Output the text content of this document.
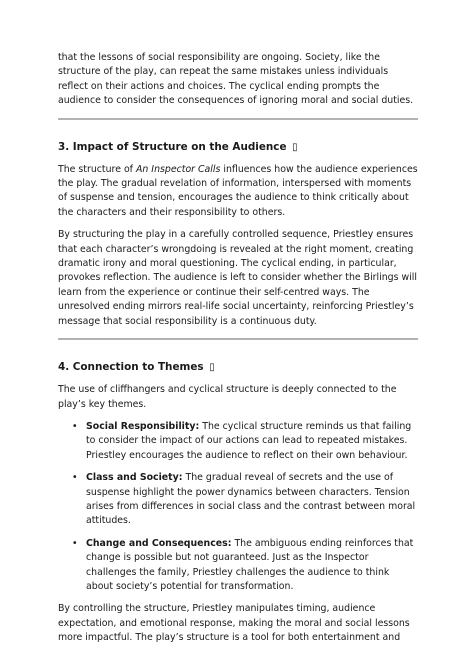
that the lessons of social responsibility are ongoing. Society, like the structure of the play, can repeat the same mistakes unless individuals reflect on their actions and choices. The cyclical ending prompts the audience to consider the consequences of ignoring moral and social duties.

3. Impact of Structure on the Audience ▯

The structure of An Inspector Calls influences how the audience experiences the play. The gradual revelation of information, interspersed with moments of suspense and tension, encourages the audience to think critically about the characters and their responsibility to others.

By structuring the play in a carefully controlled sequence, Priestley ensures that each character’s wrongdoing is revealed at the right moment, creating dramatic irony and moral questioning. The cyclical ending, in particular, provokes reflection. The audience is left to consider whether the Birlings will learn from the experience or continue their self-centred ways. The unresolved ending mirrors real-life social uncertainty, reinforcing Priestley’s message that social responsibility is a continuous duty.

4. Connection to Themes ▯

The use of cliffhangers and cyclical structure is deeply connected to the play’s key themes.

• Social Responsibility: The cyclical structure reminds us that failing to consider the impact of our actions can lead to repeated mistakes. Priestley encourages the audience to reflect on their own behaviour.
• Class and Society: The gradual reveal of secrets and the use of suspense highlight the power dynamics between characters. Tension arises from differences in social class and the contrast between moral attitudes.
• Change and Consequences: The ambiguous ending reinforces that change is possible but not guaranteed. Just as the Inspector challenges the family, Priestley challenges the audience to think about society’s potential for transformation.

By controlling the structure, Priestley manipulates timing, audience expectation, and emotional response, making the moral and social lessons more impactful. The play’s structure is a tool for both entertainment and
